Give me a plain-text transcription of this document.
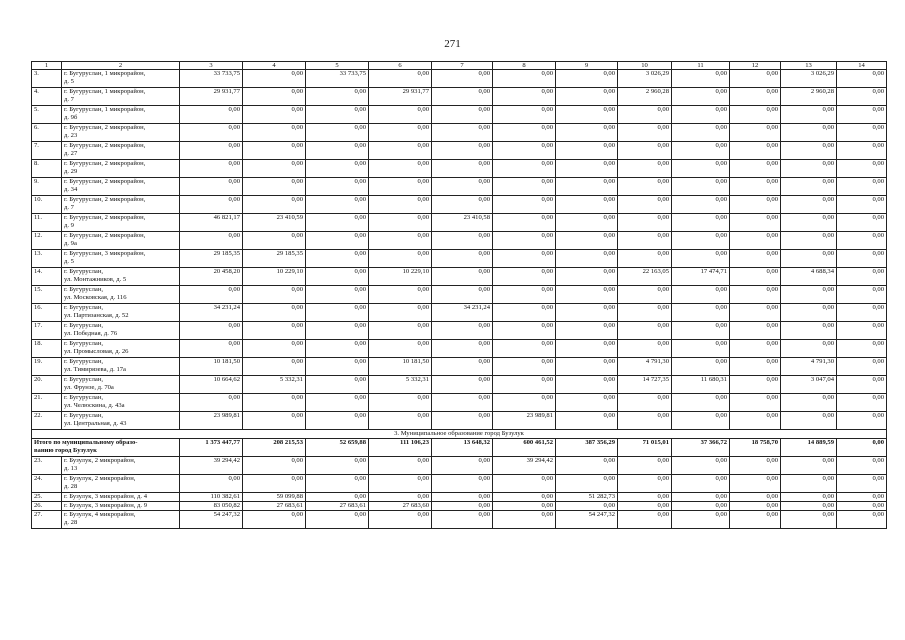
271
1	2	3	4	5	6	7	8	9	10	11	12	13	14
3.	г. Бугуруслан, 1 микрорайон,
д. 5	33 733,75	0,00	33 733,75	0,00	0,00	0,00	0,00	3 026,29	0,00	0,00	3 026,29	0,00
4.	г. Бугуруслан, 1 микрорайон,
д. 7	29 931,77	0,00	0,00	29 931,77	0,00	0,00	0,00	2 960,28	0,00	0,00	2 960,28	0,00
5.	г. Бугуруслан, 1 микрорайон,
д. 9б	0,00	0,00	0,00	0,00	0,00	0,00	0,00	0,00	0,00	0,00	0,00	0,00
6.	г. Бугуруслан, 2 микрорайон,
д. 23	0,00	0,00	0,00	0,00	0,00	0,00	0,00	0,00	0,00	0,00	0,00	0,00
7.	г. Бугуруслан, 2 микрорайон,
д. 27	0,00	0,00	0,00	0,00	0,00	0,00	0,00	0,00	0,00	0,00	0,00	0,00
8.	г. Бугуруслан, 2 микрорайон,
д. 29	0,00	0,00	0,00	0,00	0,00	0,00	0,00	0,00	0,00	0,00	0,00	0,00
9.	г. Бугуруслан, 2 микрорайон,
д. 34	0,00	0,00	0,00	0,00	0,00	0,00	0,00	0,00	0,00	0,00	0,00	0,00
10.	г. Бугуруслан, 2 микрорайон,
д. 7	0,00	0,00	0,00	0,00	0,00	0,00	0,00	0,00	0,00	0,00	0,00	0,00
11.	г. Бугуруслан, 2 микрорайон,
д. 9	46 821,17	23 410,59	0,00	0,00	23 410,58	0,00	0,00	0,00	0,00	0,00	0,00	0,00
12.	г. Бугуруслан, 2 микрорайон,
д. 9а	0,00	0,00	0,00	0,00	0,00	0,00	0,00	0,00	0,00	0,00	0,00	0,00
13.	г. Бугуруслан, 3 микрорайон,
д. 5	29 185,35	29 185,35	0,00	0,00	0,00	0,00	0,00	0,00	0,00	0,00	0,00	0,00
14.	г. Бугуруслан,
ул. Монтажников, д. 5	20 458,20	10 229,10	0,00	10 229,10	0,00	0,00	0,00	22 163,05	17 474,71	0,00	4 688,34	0,00
15.	г. Бугуруслан,
ул. Московская, д. 116	0,00	0,00	0,00	0,00	0,00	0,00	0,00	0,00	0,00	0,00	0,00	0,00
16.	г. Бугуруслан,
ул. Партизанская, д. 52	34 231,24	0,00	0,00	0,00	34 231,24	0,00	0,00	0,00	0,00	0,00	0,00	0,00
17.	г. Бугуруслан,
ул. Победная, д. 76	0,00	0,00	0,00	0,00	0,00	0,00	0,00	0,00	0,00	0,00	0,00	0,00
18.	г. Бугуруслан,
ул. Промысловая, д. 26	0,00	0,00	0,00	0,00	0,00	0,00	0,00	0,00	0,00	0,00	0,00	0,00
19.	г. Бугуруслан,
ул. Тимирязева, д. 17а	10 181,50	0,00	0,00	10 181,50	0,00	0,00	0,00	4 791,30	0,00	0,00	4 791,30	0,00
20.	г. Бугуруслан,
ул. Фрунзе, д. 70а	10 664,62	5 332,31	0,00	5 332,31	0,00	0,00	0,00	14 727,35	11 680,31	0,00	3 047,04	0,00
21.	г. Бугуруслан,
ул. Челюскина, д. 43а	0,00	0,00	0,00	0,00	0,00	0,00	0,00	0,00	0,00	0,00	0,00	0,00
22.	г. Бугуруслан,
ул. Центральная, д. 43	23 989,81	0,00	0,00	0,00	0,00	23 989,81	0,00	0,00	0,00	0,00	0,00	0,00
3. Муниципальное образование город Бузулук													
Итого по муниципальному образо-
ванию город Бузулук		1 373 447,77	208 215,53	52 659,88	111 106,23	13 648,32	600 461,52	387 356,29	71 015,01	37 366,72	18 758,70	14 889,59	0,00
23.	г. Бузулук, 2 микрорайон,
д. 13	39 294,42	0,00	0,00	0,00	0,00	39 294,42	0,00	0,00	0,00	0,00	0,00	0,00
24.	г. Бузулук, 2 микрорайон,
д. 28	0,00	0,00	0,00	0,00	0,00	0,00	0,00	0,00	0,00	0,00	0,00	0,00
25.	г. Бузулук, 3 микрорайон, д. 4	110 382,61	59 099,88	0,00	0,00	0,00	0,00	51 282,73	0,00	0,00	0,00	0,00	0,00
26.	г. Бузулук, 3 микрорайон, д. 9	83 050,82	27 683,61	27 683,61	27 683,60	0,00	0,00	0,00	0,00	0,00	0,00	0,00	0,00
27.	г. Бузулук, 4 микрорайон,
д. 28	54 247,32	0,00	0,00	0,00	0,00	0,00	54 247,32	0,00	0,00	0,00	0,00	0,00
